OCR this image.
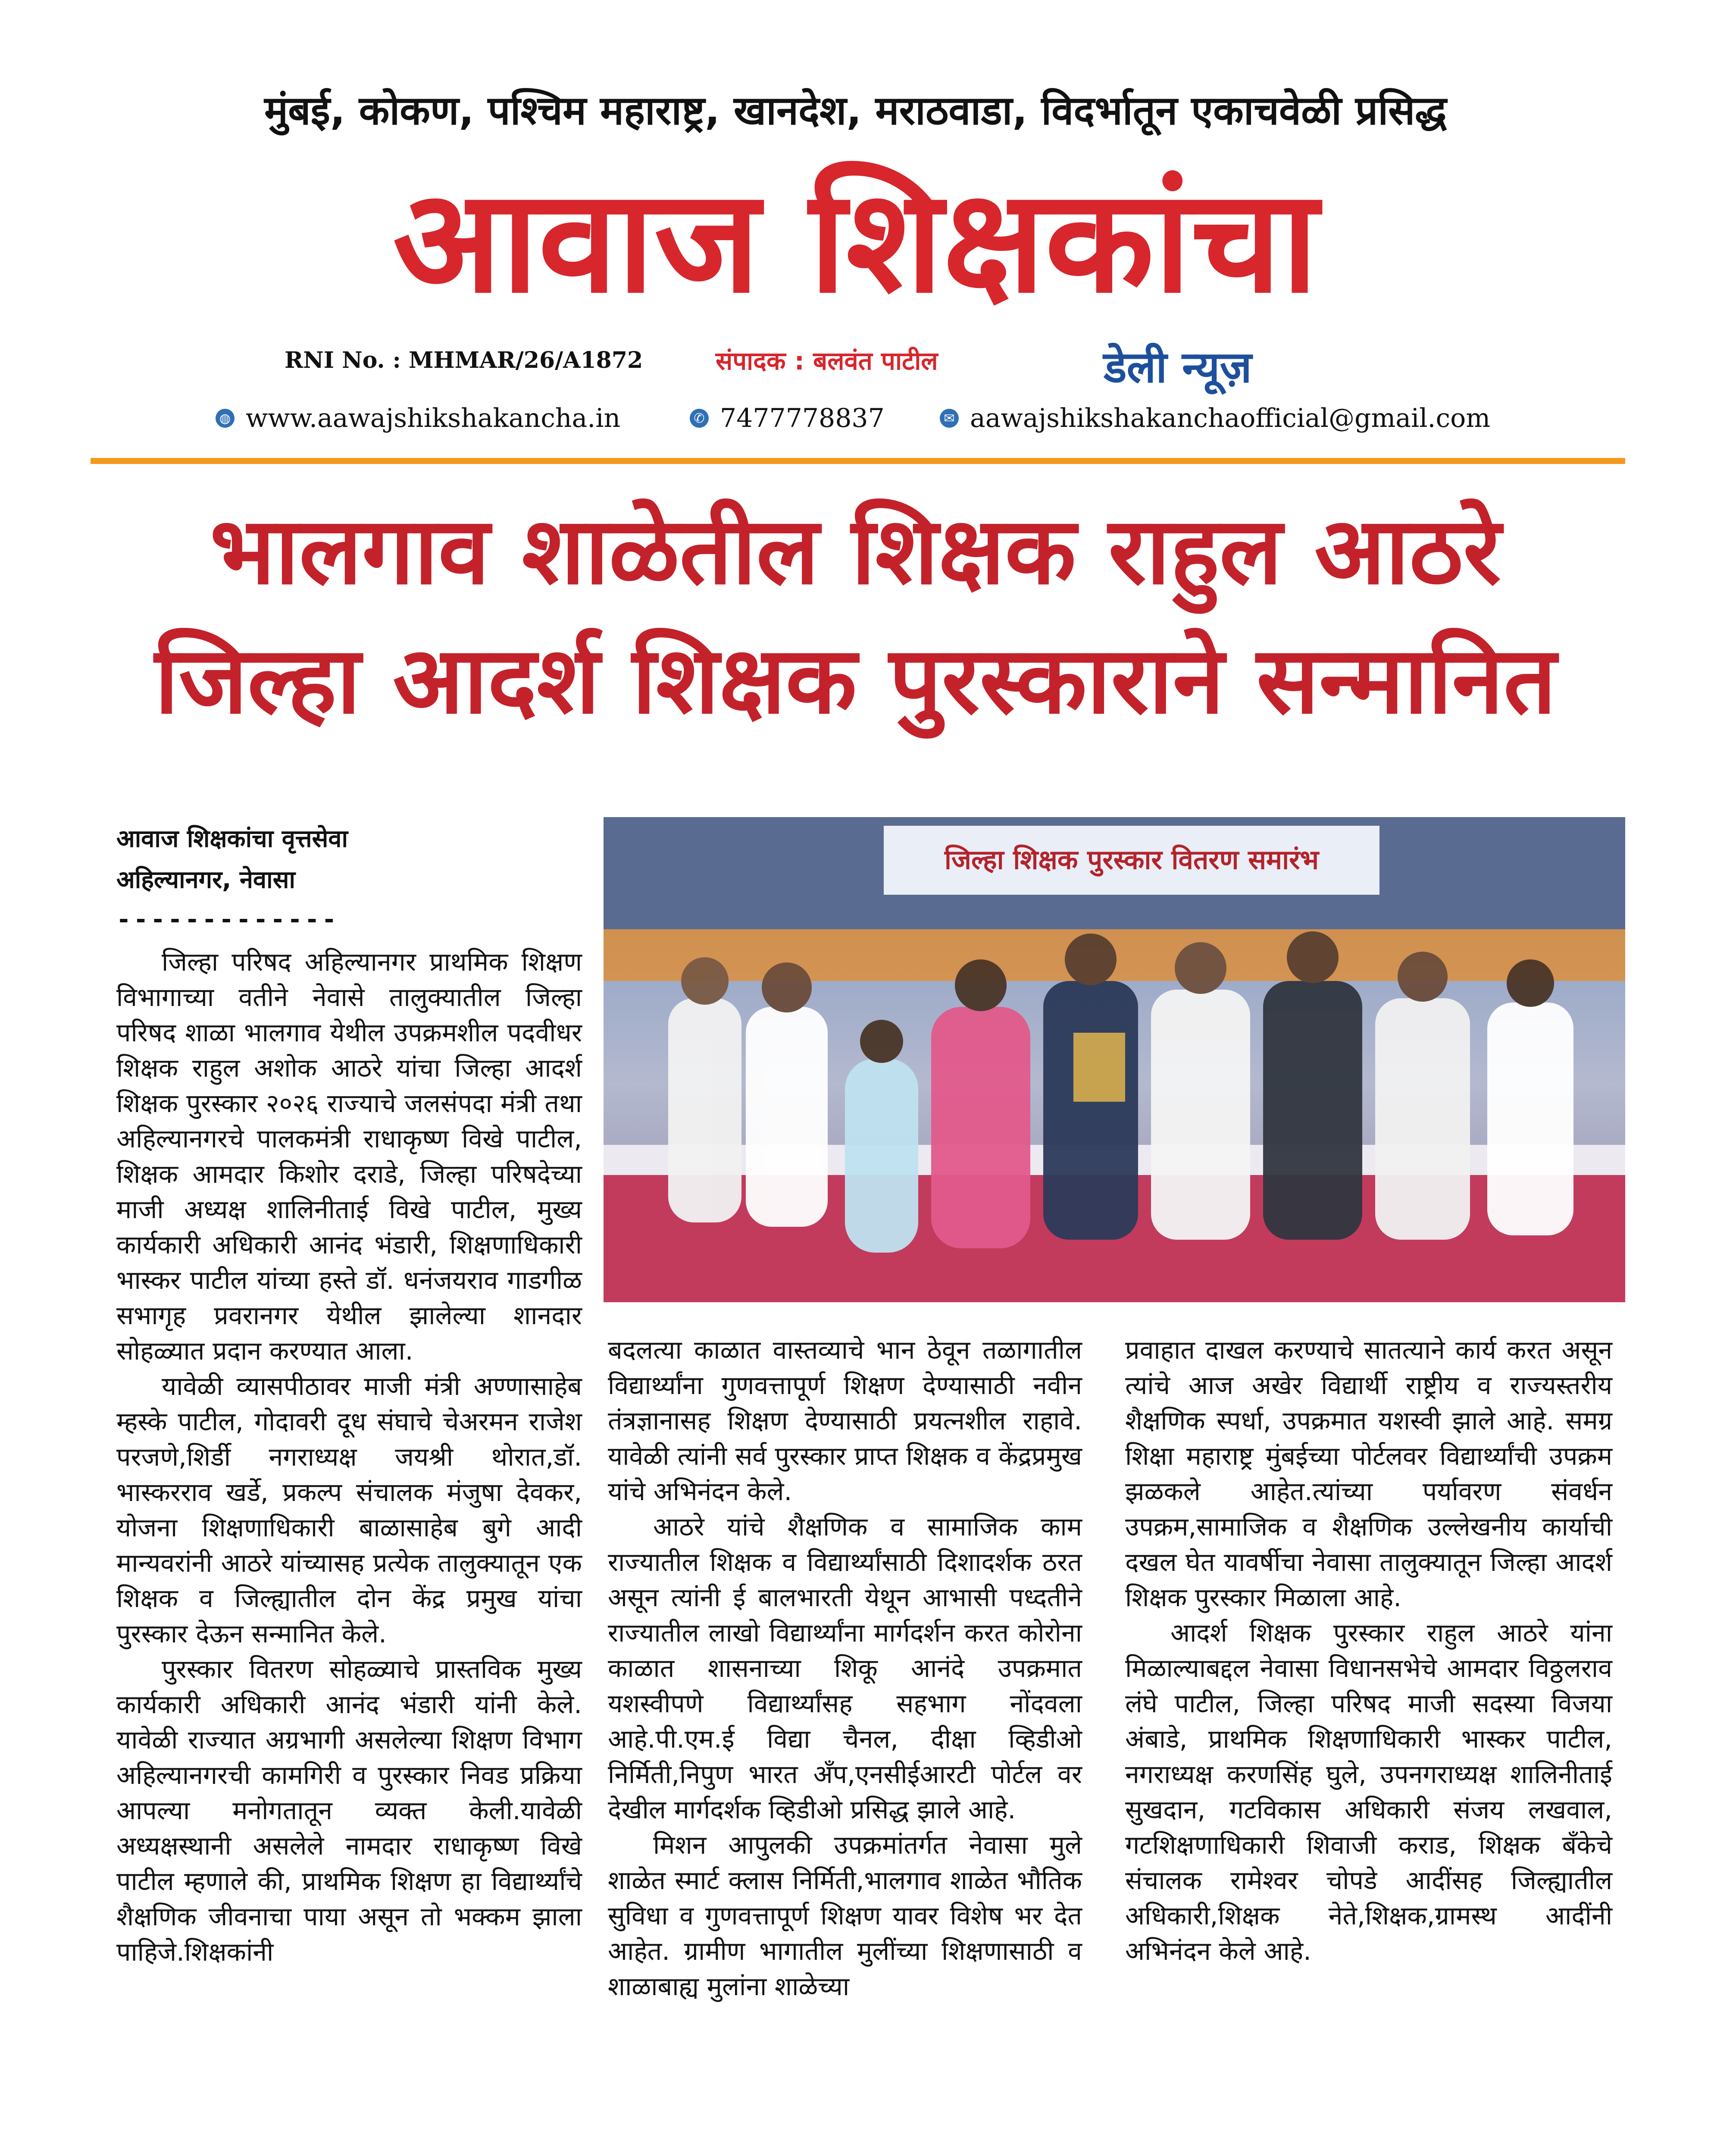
मुंबई, कोकण, पश्चिम महाराष्ट्र, खानदेश, मराठवाडा, विदर्भातून एकाचवेळी प्रसिद्ध
आवाज शिक्षकांचा
RNI No. : MHMAR/26/A1872	संपादक : बलवंत पाटील	डेली न्यूज़
◍ www.aawajshikshakancha.in	✆ 7477778837	✉ aawajshikshakanchaofficial@gmail.com
भालगाव शाळेतील शिक्षक राहुल आठरे
जिल्हा आदर्श शिक्षक पुरस्काराने सन्मानित
आवाज शिक्षकांचा वृत्तसेवा
अहिल्यानगर, नेवासा
-------------
जिल्हा शिक्षक पुरस्कार वितरण समारंभ

जिल्हा परिषद अहिल्यानगर प्राथमिक शिक्षण विभागाच्या वतीने नेवासे तालुक्यातील जिल्हा परिषद शाळा भालगाव येथील उपक्रमशील पदवीधर शिक्षक राहुल अशोक आठरे यांचा जिल्हा आदर्श शिक्षक पुरस्कार २०२६ राज्याचे जलसंपदा मंत्री तथा अहिल्यानगरचे पालकमंत्री राधाकृष्ण विखे पाटील, शिक्षक आमदार किशोर दराडे, जिल्हा परिषदेच्या माजी अध्यक्ष शालिनीताई विखे पाटील, मुख्य कार्यकारी अधिकारी आनंद भंडारी, शिक्षणाधिकारी भास्कर पाटील यांच्या हस्ते डॉ. धनंजयराव गाडगीळ सभागृह प्रवरानगर येथील झालेल्या शानदार सोहळ्यात प्रदान करण्यात आला.

यावेळी व्यासपीठावर माजी मंत्री अण्णासाहेब म्हस्के पाटील, गोदावरी दूध संघाचे चेअरमन राजेश परजणे,शिर्डी नगराध्यक्ष जयश्री थोरात,डॉ. भास्करराव खर्डे, प्रकल्प संचालक मंजुषा देवकर, योजना शिक्षणाधिकारी बाळासाहेब बुगे आदी मान्यवरांनी आठरे यांच्यासह प्रत्येक तालुक्यातून एक शिक्षक व जिल्ह्यातील दोन केंद्र प्रमुख यांचा पुरस्कार देऊन सन्मानित केले.

पुरस्कार वितरण सोहळ्याचे प्रास्तविक मुख्य कार्यकारी अधिकारी आनंद भंडारी यांनी केले. यावेळी राज्यात अग्रभागी असलेल्या शिक्षण विभाग अहिल्यानगरची कामगिरी व पुरस्कार निवड प्रक्रिया आपल्या मनोगतातून व्यक्त केली.यावेळी अध्यक्षस्थानी असलेले नामदार राधाकृष्ण विखे पाटील म्हणाले की, प्राथमिक शिक्षण हा विद्यार्थ्यांचे शैक्षणिक जीवनाचा पाया असून तो भक्कम झाला पाहिजे.शिक्षकांनी

बदलत्या काळात वास्तव्याचे भान ठेवून तळागातील विद्यार्थ्यांना गुणवत्तापूर्ण शिक्षण देण्यासाठी नवीन तंत्रज्ञानासह शिक्षण देण्यासाठी प्रयत्नशील राहावे. यावेळी त्यांनी सर्व पुरस्कार प्राप्त शिक्षक व केंद्रप्रमुख यांचे अभिनंदन केले.

आठरे यांचे शैक्षणिक व सामाजिक काम राज्यातील शिक्षक व विद्यार्थ्यांसाठी दिशादर्शक ठरत असून त्यांनी ई बालभारती येथून आभासी पध्दतीने राज्यातील लाखो विद्यार्थ्यांना मार्गदर्शन करत कोरोना काळात शासनाच्या शिकू आनंदे उपक्रमात यशस्वीपणे विद्यार्थ्यांसह सहभाग नोंदवला आहे.पी.एम.ई विद्या चैनल, दीक्षा व्हिडीओ निर्मिती,निपुण भारत अँप,एनसीईआरटी पोर्टल वर देखील मार्गदर्शक व्हिडीओ प्रसिद्ध झाले आहे.

मिशन आपुलकी उपक्रमांतर्गत नेवासा मुले शाळेत स्मार्ट क्लास निर्मिती,भालगाव शाळेत भौतिक सुविधा व गुणवत्तापूर्ण शिक्षण यावर विशेष भर देत आहेत. ग्रामीण भागातील मुलींच्या शिक्षणासाठी व शाळाबाह्य मुलांना शाळेच्या

प्रवाहात दाखल करण्याचे सातत्याने कार्य करत असून त्यांचे आज अखेर विद्यार्थी राष्ट्रीय व राज्यस्तरीय शैक्षणिक स्पर्धा, उपक्रमात यशस्वी झाले आहे. समग्र शिक्षा महाराष्ट्र मुंबईच्या पोर्टलवर विद्यार्थ्यांची उपक्रम झळकले आहेत.त्यांच्या पर्यावरण संवर्धन उपक्रम,सामाजिक व शैक्षणिक उल्लेखनीय कार्याची दखल घेत यावर्षीचा नेवासा तालुक्यातून जिल्हा आदर्श शिक्षक पुरस्कार मिळाला आहे.

आदर्श शिक्षक पुरस्कार राहुल आठरे यांना मिळाल्याबद्दल नेवासा विधानसभेचे आमदार विठ्ठलराव लंघे पाटील, जिल्हा परिषद माजी सदस्या विजया अंबाडे, प्राथमिक शिक्षणाधिकारी भास्कर पाटील, नगराध्यक्ष करणसिंह घुले, उपनगराध्यक्ष शालिनीताई सुखदान, गटविकास अधिकारी संजय लखवाल, गटशिक्षणाधिकारी शिवाजी कराड, शिक्षक बँकेचे संचालक रामेश्वर चोपडे आदींसह जिल्ह्यातील अधिकारी,शिक्षक नेते,शिक्षक,ग्रामस्थ आदींनी अभिनंदन केले आहे.
